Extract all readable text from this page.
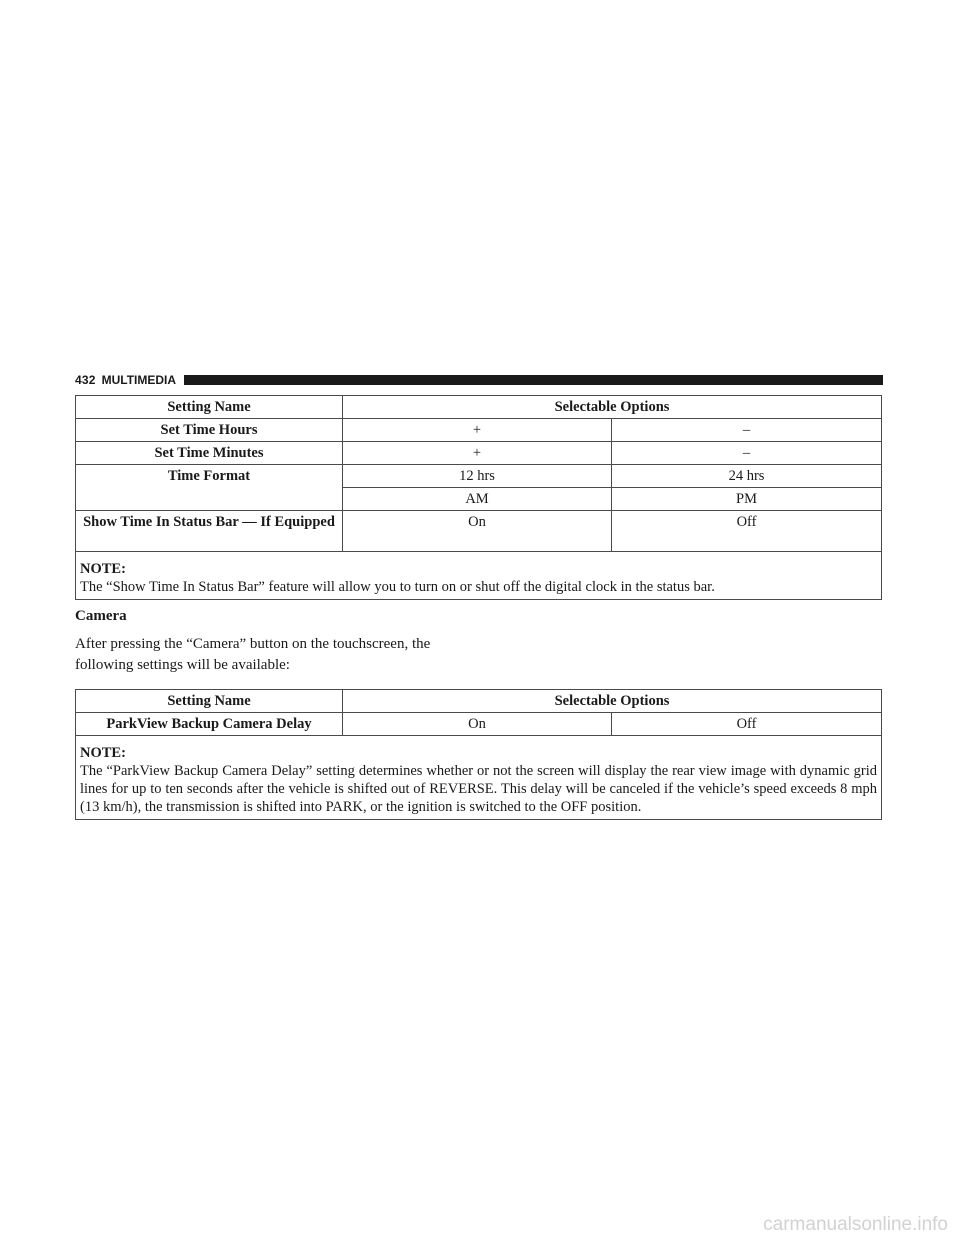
432 MULTIMEDIA
Setting Name	Selectable Options	
Set Time Hours	+	–
Set Time Minutes	+	–
Time Format	12 hrs	24 hrs
	AM	PM
Show Time In Status Bar — If Equipped	On	Off

NOTE:
The “Show Time In Status Bar” feature will allow you to turn on or shut off the digital clock in the status bar.		
Camera
After pressing the “Camera” button on the touchscreen, the following settings will be available:
Setting Name	Selectable Options	
ParkView Backup Camera Delay	On	Off

NOTE:
The “ParkView Backup Camera Delay” setting determines whether or not the screen will display the rear view image with dynamic grid lines for up to ten seconds after the vehicle is shifted out of REVERSE. This delay will be canceled if the vehicle’s speed exceeds 8 mph (13 km/h), the transmission is shifted into PARK, or the ignition is switched to the OFF position.		
carmanualsonline.info
